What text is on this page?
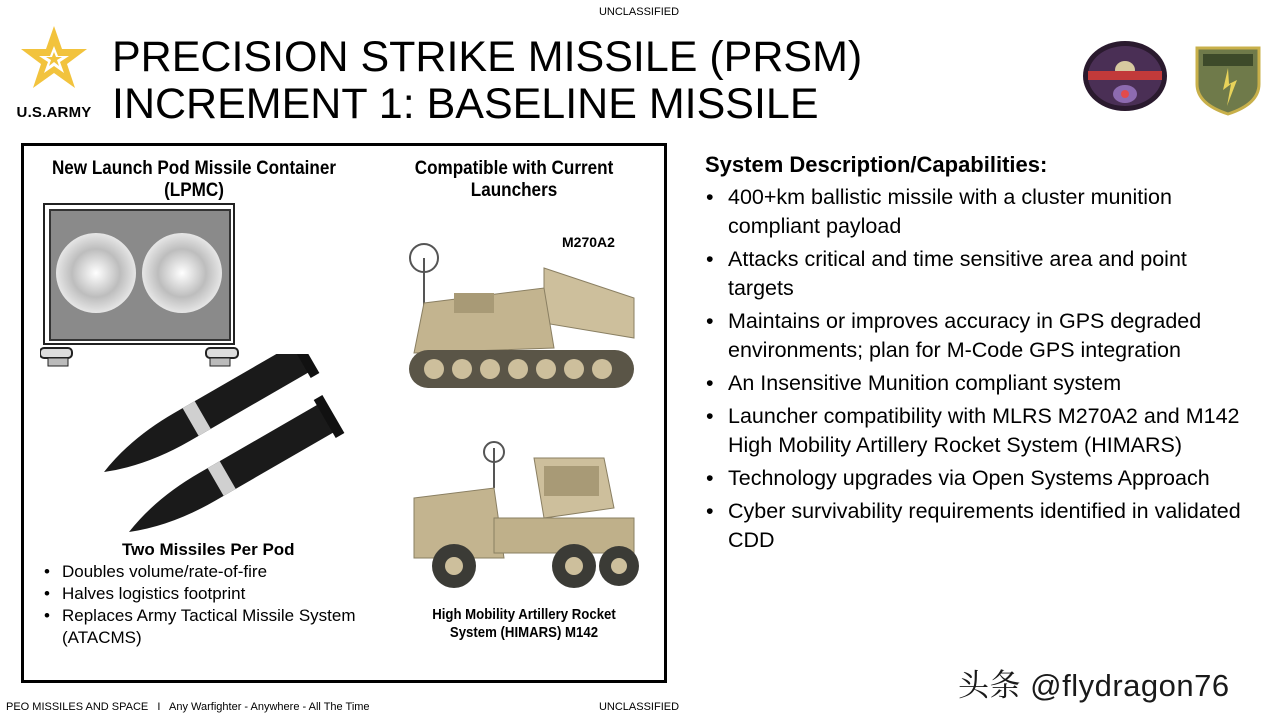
UNCLASSIFIED
U.S.ARMY
PRECISION STRIKE MISSILE (PRSM)
INCREMENT 1: BASELINE MISSILE
New Launch Pod Missile Container (LPMC)
Compatible with Current Launchers
M270A2
High Mobility Artillery Rocket System (HIMARS) M142
Two Missiles Per Pod
• Doubles volume/rate-of-fire
• Halves logistics footprint
• Replaces Army Tactical Missile System (ATACMS)
System Description/Capabilities:
• 400+km ballistic missile with a cluster munition compliant payload
• Attacks critical and time sensitive area and point targets
• Maintains or improves accuracy in GPS degraded environments; plan for M-Code GPS integration
• An Insensitive Munition compliant system
• Launcher compatibility with MLRS M270A2 and M142 High Mobility Artillery Rocket System (HIMARS)
• Technology upgrades via Open Systems Approach
• Cyber survivability requirements identified in validated CDD
PEO MISSILES AND SPACE   I   Any Warfighter - Anywhere - All The Time	UNCLASSIFIED
头条 @flydragon76
